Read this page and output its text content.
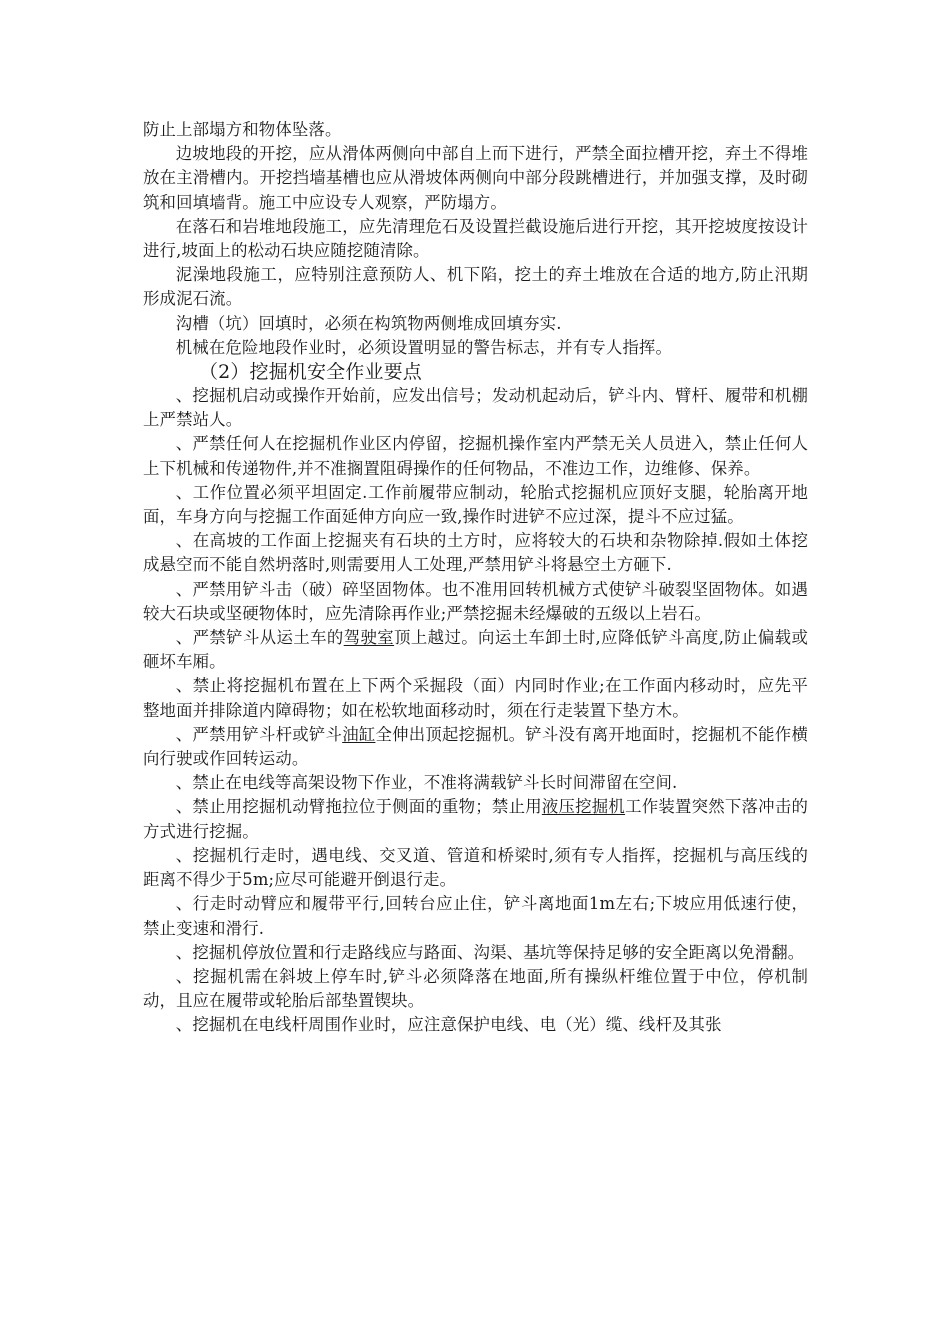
防止上部塌方和物体坠落。

边坡地段的开挖，应从滑体两侧向中部自上而下进行，严禁全面拉槽开挖，弃土不得堆放在主滑槽内。开挖挡墙基槽也应从滑坡体两侧向中部分段跳槽进行，并加强支撑，及时砌筑和回填墙背。施工中应设专人观察，严防塌方。

在落石和岩堆地段施工，应先清理危石及设置拦截设施后进行开挖，其开挖坡度按设计进行,坡面上的松动石块应随挖随清除。

泥澡地段施工，应特别注意预防人、机下陷，挖土的弃土堆放在合适的地方,防止汛期形成泥石流。

沟槽（坑）回填时，必须在构筑物两侧堆成回填夯实.

机械在危险地段作业时，必须设置明显的警告标志，并有专人指挥。

（2）挖掘机安全作业要点

、挖掘机启动或操作开始前，应发出信号；发动机起动后，铲斗内、臂杆、履带和机棚上严禁站人。

、严禁任何人在挖掘机作业区内停留，挖掘机操作室内严禁无关人员进入，禁止任何人上下机械和传递物件,并不准搁置阻碍操作的任何物品，不准边工作，边维修、保养。

、工作位置必须平坦固定.工作前履带应制动，轮胎式挖掘机应顶好支腿，轮胎离开地面，车身方向与挖掘工作面延伸方向应一致,操作时进铲不应过深，提斗不应过猛。

、在高坡的工作面上挖掘夹有石块的土方时，应将较大的石块和杂物除掉.假如土体挖成悬空而不能自然坍落时,则需要用人工处理,严禁用铲斗将悬空土方砸下.

、严禁用铲斗击（破）碎坚固物体。也不准用回转机械方式使铲斗破裂坚固物体。如遇较大石块或坚硬物体时，应先清除再作业;严禁挖掘未经爆破的五级以上岩石。

、严禁铲斗从运土车的驾驶室顶上越过。向运土车卸土时,应降低铲斗高度,防止偏载或砸坏车厢。

、禁止将挖掘机布置在上下两个采掘段（面）内同时作业;在工作面内移动时，应先平整地面并排除道内障碍物；如在松软地面移动时，须在行走装置下垫方木。

、严禁用铲斗杆或铲斗油缸全伸出顶起挖掘机。铲斗没有离开地面时，挖掘机不能作横向行驶或作回转运动。

、禁止在电线等高架设物下作业，不准将满载铲斗长时间滞留在空间.

、禁止用挖掘机动臂拖拉位于侧面的重物；禁止用液压挖掘机工作装置突然下落冲击的方式进行挖掘。

、挖掘机行走时，遇电线、交叉道、管道和桥梁时,须有专人指挥，挖掘机与高压线的距离不得少于5m;应尽可能避开倒退行走。

、行走时动臂应和履带平行,回转台应止住，铲斗离地面1m左右;下坡应用低速行使，禁止变速和滑行.

、挖掘机停放位置和行走路线应与路面、沟渠、基坑等保持足够的安全距离以免滑翻。

、挖掘机需在斜坡上停车时,铲斗必须降落在地面,所有操纵杆维位置于中位，停机制动，且应在履带或轮胎后部垫置锲块。

、挖掘机在电线杆周围作业时，应注意保护电线、电（光）缆、线杆及其张
